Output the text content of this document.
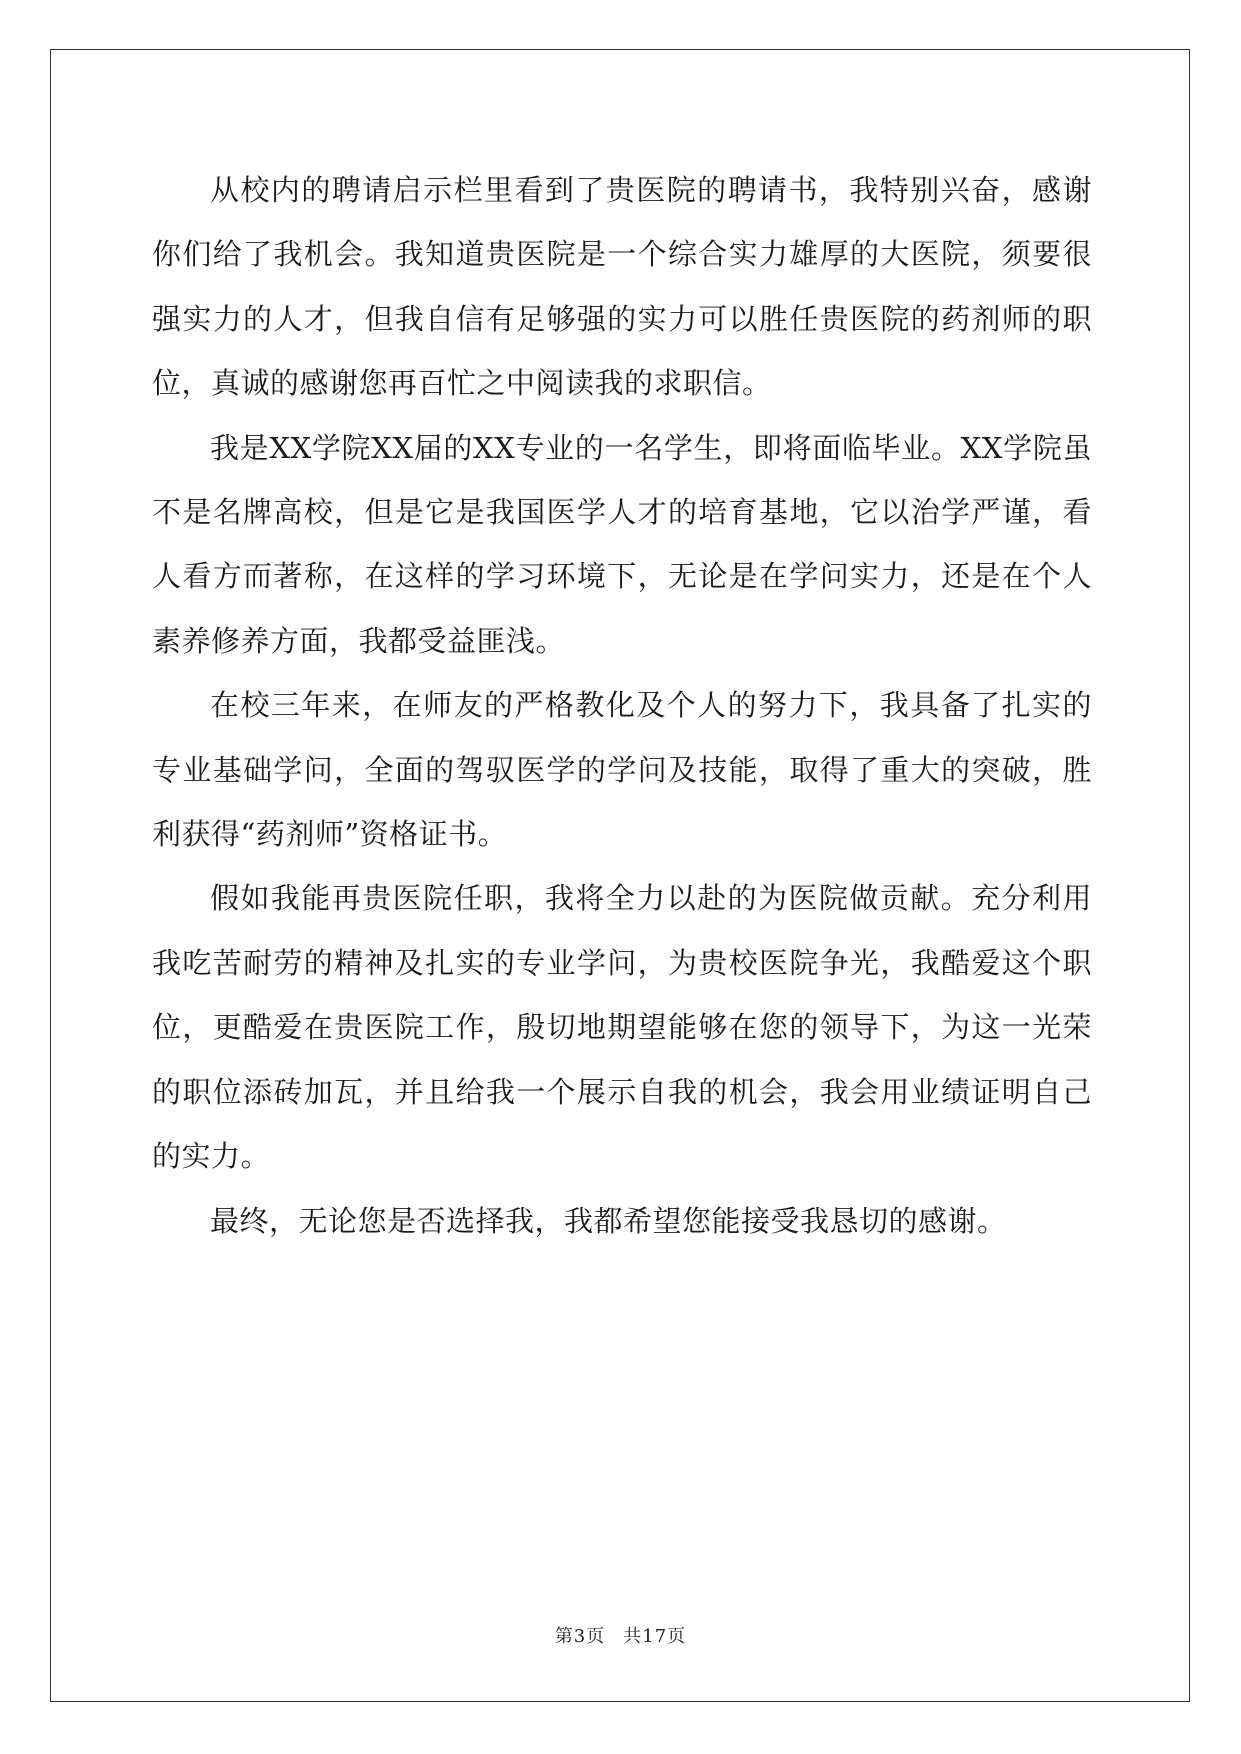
从校内的聘请启示栏里看到了贵医院的聘请书，我特别兴奋，感谢你们给了我机会。我知道贵医院是一个综合实力雄厚的大医院，须要很强实力的人才，但我自信有足够强的实力可以胜任贵医院的药剂师的职位，真诚的感谢您再百忙之中阅读我的求职信。

我是XX学院XX届的XX专业的一名学生，即将面临毕业。XX学院虽不是名牌高校，但是它是我国医学人才的培育基地，它以治学严谨，看人看方而著称，在这样的学习环境下，无论是在学问实力，还是在个人素养修养方面，我都受益匪浅。

在校三年来，在师友的严格教化及个人的努力下，我具备了扎实的专业基础学问，全面的驾驭医学的学问及技能，取得了重大的突破，胜利获得“药剂师”资格证书。

假如我能再贵医院任职，我将全力以赴的为医院做贡献。充分利用我吃苦耐劳的精神及扎实的专业学问，为贵校医院争光，我酷爱这个职位，更酷爱在贵医院工作，殷切地期望能够在您的领导下，为这一光荣的职位添砖加瓦，并且给我一个展示自我的机会，我会用业绩证明自己的实力。

最终，无论您是否选择我，我都希望您能接受我恳切的感谢。

第3页 共17页
